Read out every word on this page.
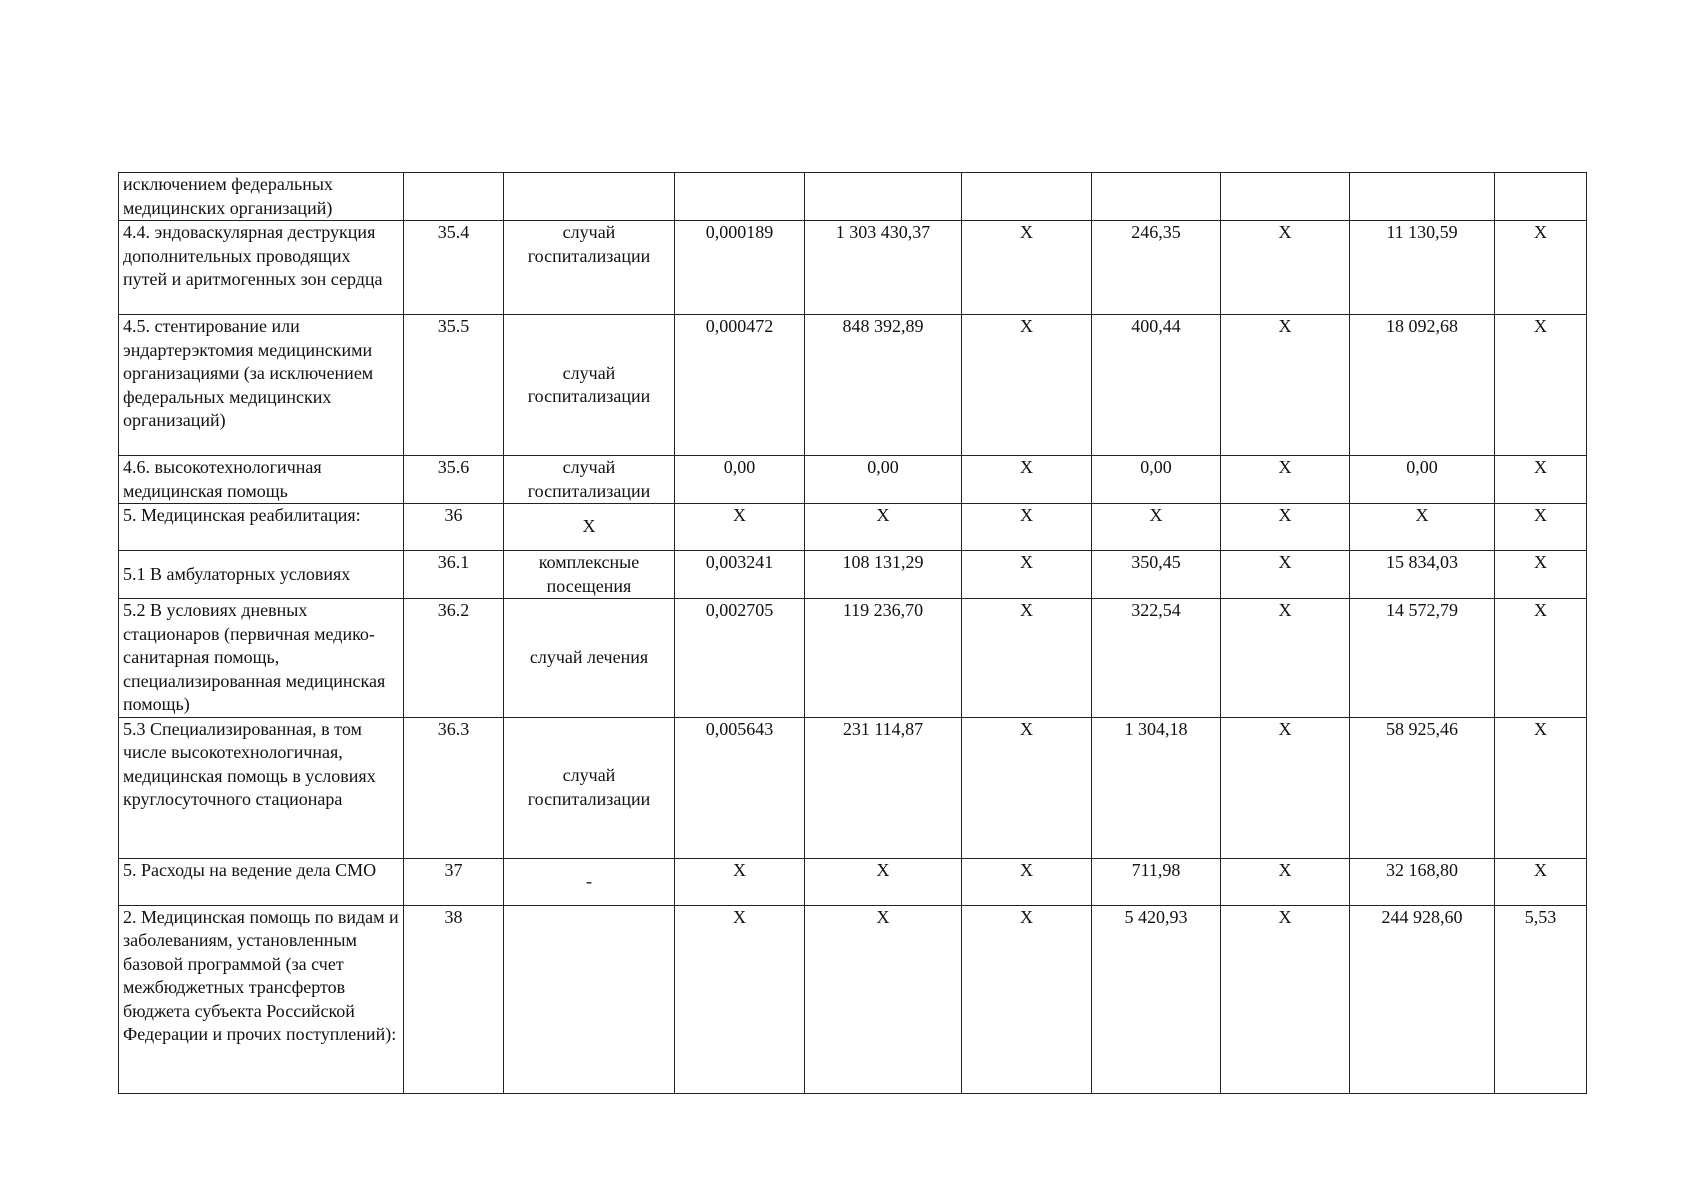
исключением федеральных медицинских организаций)									
4.4. эндоваскулярная деструкция дополнительных проводящих путей и аритмогенных зон сердца	35.4	случай госпитализации	0,000189	1 303 430,37	Х	246,35	Х	11 130,59	Х
4.5. стентирование или эндартерэктомия медицинскими организациями (за исключением федеральных медицинских организаций)	35.5	случай госпитализации	0,000472	848 392,89	Х	400,44	Х	18 092,68	Х
4.6. высокотехнологичная медицинская помощь	35.6	случай госпитализации	0,00	0,00	Х	0,00	Х	0,00	Х
5. Медицинская реабилитация:	36	Х	Х	Х	Х	Х	Х	Х	Х
5.1 В амбулаторных условиях	36.1	комплексные посещения	0,003241	108 131,29	Х	350,45	Х	15 834,03	Х
5.2 В условиях дневных стационаров (первичная медико-санитарная помощь, специализированная медицинская помощь)	36.2	случай лечения	0,002705	119 236,70	Х	322,54	Х	14 572,79	Х
5.3 Специализированная, в том числе высокотехнологичная, медицинская помощь в условиях круглосуточного стационара	36.3	случай госпитализации	0,005643	231 114,87	Х	1 304,18	Х	58 925,46	Х
5. Расходы на ведение дела СМО	37	-	Х	Х	Х	711,98	Х	32 168,80	Х
2. Медицинская помощь по видам и заболеваниям, установленным базовой программой (за счет межбюджетных трансфертов бюджета субъекта Российской Федерации и прочих поступлений):	38		Х	Х	Х	5 420,93	Х	244 928,60	5,53
